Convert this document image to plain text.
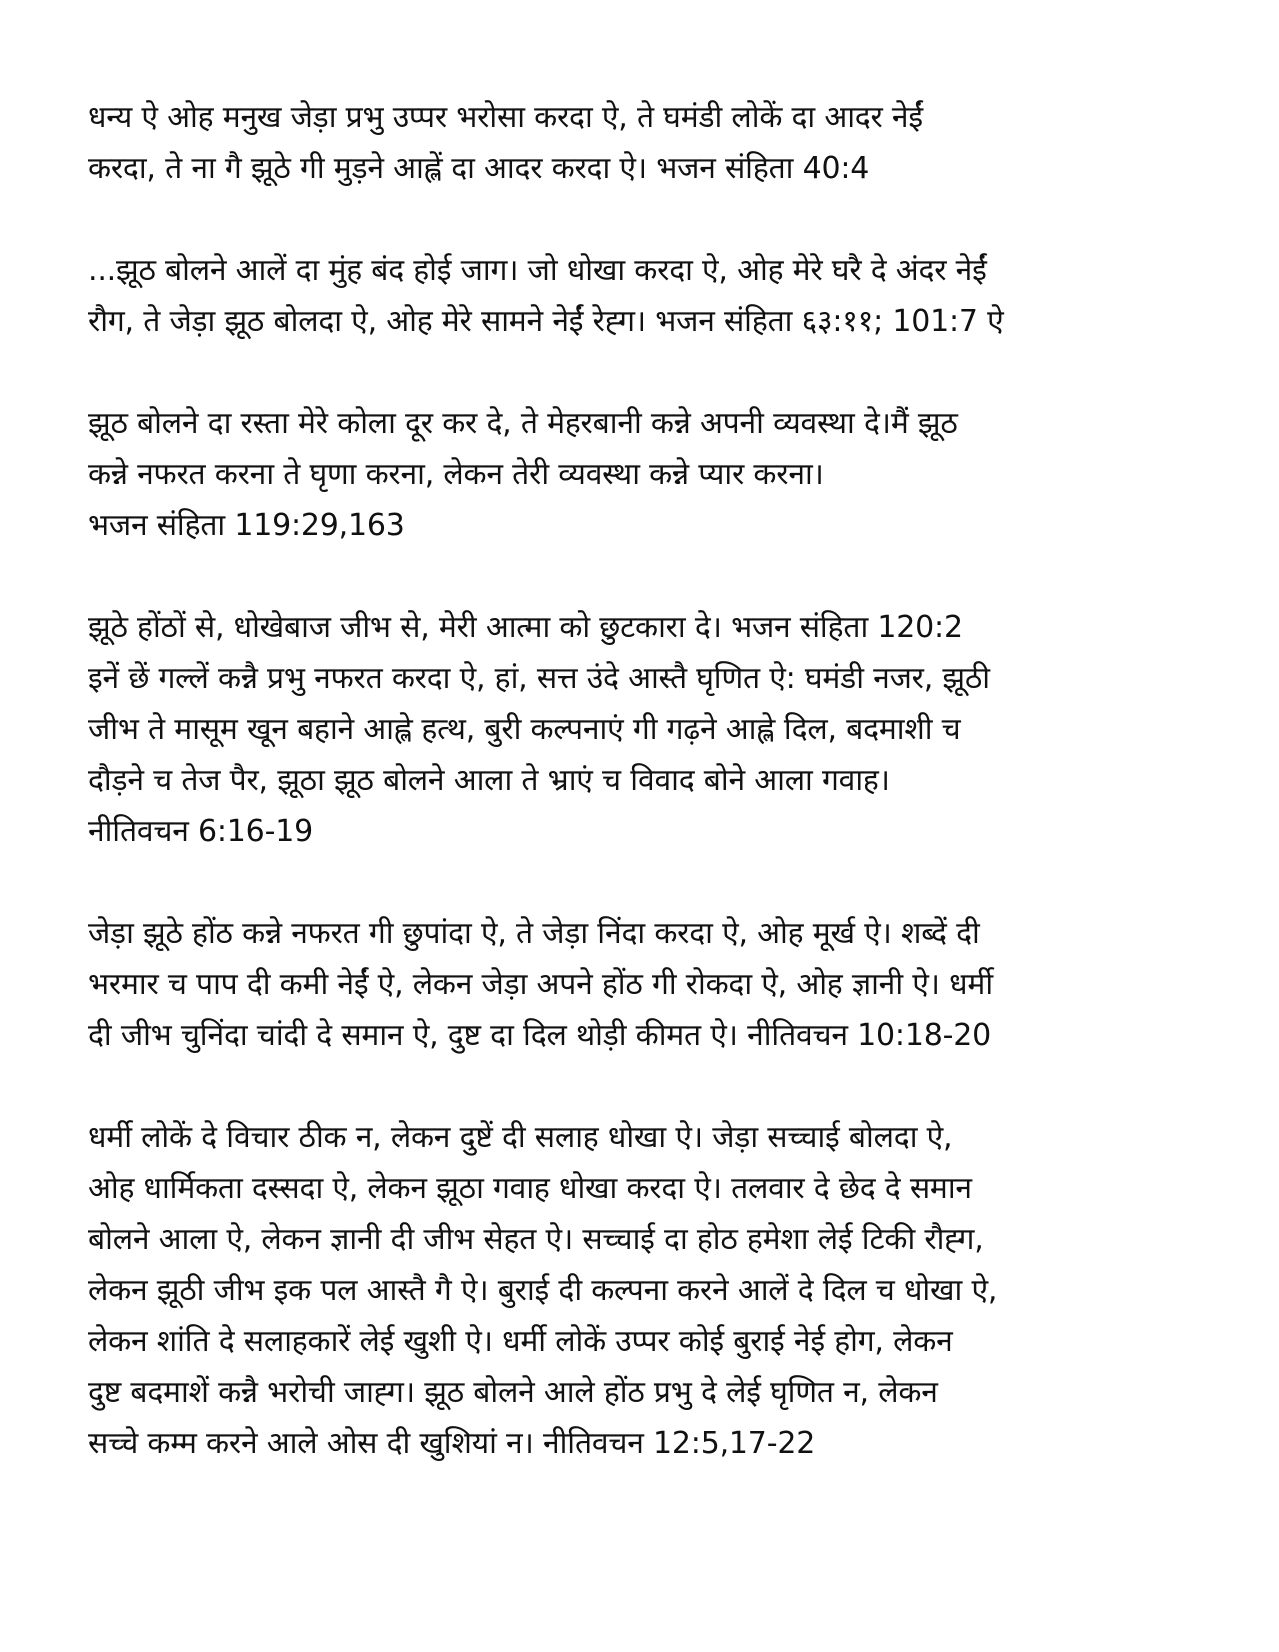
धन्य ऐ ओह मनुख जेड़ा प्रभु उप्पर भरोसा करदा ऐ, ते घमंडी लोकें दा आदर नेईं
करदा, ते ना गै झूठे गी मुड़ने आह्लें दा आदर करदा ऐ। भजन संहिता 40:4

...झूठ बोलने आलें दा मुंह बंद होई जाग। जो धोखा करदा ऐ, ओह मेरे घरै दे अंदर नेईं
रौग, ते जेड़ा झूठ बोलदा ऐ, ओह मेरे सामने नेईं रेह्ग। भजन संहिता ६३:११; 101:7 ऐ

झूठ बोलने दा रस्ता मेरे कोला दूर कर दे, ते मेहरबानी कन्ने अपनी व्यवस्था दे।मैं झूठ
कन्ने नफरत करना ते घृणा करना, लेकन तेरी व्यवस्था कन्ने प्यार करना।
भजन संहिता 119:29,163

झूठे होंठों से, धोखेबाज जीभ से, मेरी आत्मा को छुटकारा दे। भजन संहिता 120:2
इनें छें गल्लें कन्नै प्रभु नफरत करदा ऐ, हां, सत्त उंदे आस्तै घृणित ऐ: घमंडी नजर, झूठी
जीभ ते मासूम खून बहाने आह्ले हत्थ, बुरी कल्पनाएं गी गढ़ने आह्ले दिल, बदमाशी च
दौड़ने च तेज पैर, झूठा झूठ बोलने आला ते भ्राएं च विवाद बोने आला गवाह।
नीतिवचन 6:16-19

जेड़ा झूठे होंठ कन्ने नफरत गी छुपांदा ऐ, ते जेड़ा निंदा करदा ऐ, ओह मूर्ख ऐ। शब्दें दी
भरमार च पाप दी कमी नेईं ऐ, लेकन जेड़ा अपने होंठ गी रोकदा ऐ, ओह ज्ञानी ऐ। धर्मी
दी जीभ चुनिंदा चांदी दे समान ऐ, दुष्ट दा दिल थोड़ी कीमत ऐ। नीतिवचन 10:18-20

धर्मी लोकें दे विचार ठीक न, लेकन दुष्टें दी सलाह धोखा ऐ। जेड़ा सच्चाई बोलदा ऐ,
ओह धार्मिकता दस्सदा ऐ, लेकन झूठा गवाह धोखा करदा ऐ। तलवार दे छेद दे समान
बोलने आला ऐ, लेकन ज्ञानी दी जीभ सेहत ऐ। सच्चाई दा होठ हमेशा लेई टिकी रौह्ग,
लेकन झूठी जीभ इक पल आस्तै गै ऐ। बुराई दी कल्पना करने आलें दे दिल च धोखा ऐ,
लेकन शांति दे सलाहकारें लेई खुशी ऐ। धर्मी लोकें उप्पर कोई बुराई नेई होग, लेकन
दुष्ट बदमाशें कन्नै भरोची जाह्ग। झूठ बोलने आले होंठ प्रभु दे लेई घृणित न, लेकन
सच्चे कम्म करने आले ओस दी खुशियां न। नीतिवचन 12:5,17-22
